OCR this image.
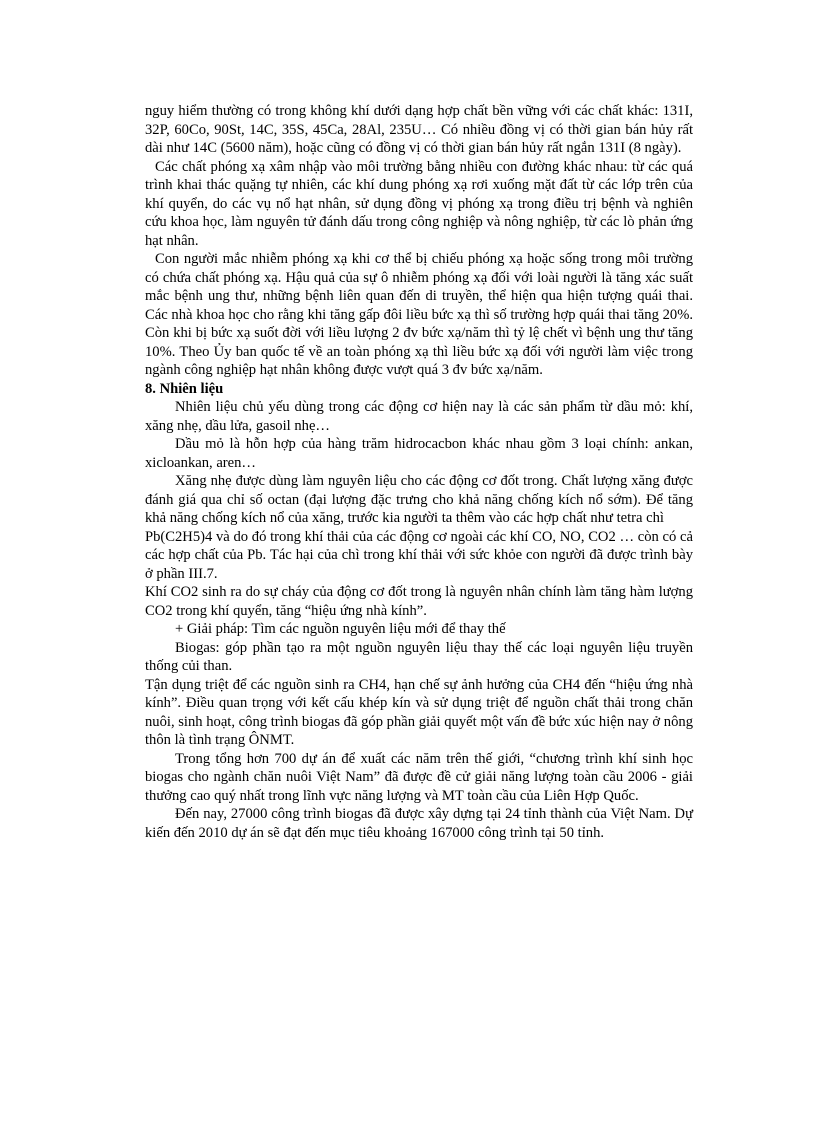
nguy hiểm thường có trong không khí dưới dạng hợp chất bền vững với các chất khác: 131I, 32P, 60Co, 90St, 14C, 35S, 45Ca, 28Al, 235U… Có nhiều đồng vị có thời gian bán hủy rất dài như 14C (5600 năm), hoặc cũng có đồng vị có thời gian bán hủy rất ngắn 131I (8 ngày).

Các chất phóng xạ xâm nhập vào môi trường bằng nhiều con đường khác nhau: từ các quá trình khai thác quặng tự nhiên, các khí dung phóng xạ rơi xuống mặt đất từ các lớp trên của khí quyển, do các vụ nổ hạt nhân, sử dụng đồng vị phóng xạ trong điều trị bệnh và nghiên cứu khoa học, làm nguyên tử đánh dấu trong công nghiệp và nông nghiệp, từ các lò phản ứng hạt nhân.

Con người mắc nhiễm phóng xạ khi cơ thể bị chiếu phóng xạ hoặc sống trong môi trường có chứa chất phóng xạ. Hậu quả của sự ô nhiễm phóng xạ đối với loài người là tăng xác suất mắc bệnh ung thư, những bệnh liên quan đến di truyền, thể hiện qua hiện tượng quái thai. Các nhà khoa học cho rằng khi tăng gấp đôi liều bức xạ thì số trường hợp quái thai tăng 20%. Còn khi bị bức xạ suốt đời với liều lượng 2 đv bức xạ/năm thì tỷ lệ chết vì bệnh ung thư tăng 10%. Theo Ủy ban quốc tế về an toàn phóng xạ thì liều bức xạ đối với người làm việc trong ngành công nghiệp hạt nhân không được vượt quá 3 đv bức xạ/năm.

8. Nhiên liệu

Nhiên liệu chủ yếu dùng trong các động cơ hiện nay là các sản phẩm từ dầu mỏ: khí, xăng nhẹ, dầu lửa, gasoil nhẹ…

Dầu mỏ là hỗn hợp của hàng trăm hidrocacbon khác nhau gồm 3 loại chính: ankan, xicloankan, aren…

Xăng nhẹ được dùng làm nguyên liệu cho các động cơ đốt trong. Chất lượng xăng được đánh giá qua chỉ số octan (đại lượng đặc trưng cho khả năng chống kích nổ sớm). Để tăng khả năng chống kích nổ của xăng, trước kia người ta thêm vào các hợp chất như tetra chì

Pb(C2H5)4 và do đó trong khí thải của các động cơ ngoài các khí CO, NO, CO2 … còn có cả các hợp chất của Pb. Tác hại của chì trong khí thải với sức khỏe con người đã được trình bày ở phần III.7.

Khí CO2 sinh ra do sự cháy của động cơ đốt trong là nguyên nhân chính làm tăng hàm lượng CO2 trong khí quyển, tăng “hiệu ứng nhà kính”.

+ Giải pháp: Tìm các nguồn nguyên liệu mới để thay thế

Biogas: góp phần tạo ra một nguồn nguyên liệu thay thế các loại nguyên liệu truyền thống củi than.

Tận dụng triệt để các nguồn sinh ra CH4, hạn chế sự ảnh hưởng của CH4 đến “hiệu ứng nhà kính”. Điều quan trọng với kết cấu khép kín và sử dụng triệt để nguồn chất thải trong chăn nuôi, sinh hoạt, công trình biogas đã góp phần giải quyết một vấn đề bức xúc hiện nay ở nông thôn là tình trạng ÔNMT.

Trong tổng hơn 700 dự án để xuất các năm trên thế giới, “chương trình khí sinh học biogas cho ngành chăn nuôi Việt Nam” đã được đề cử giải năng lượng toàn cầu 2006 - giải thưởng cao quý nhất trong lĩnh vực năng lượng và MT toàn cầu của Liên Hợp Quốc.

Đến nay, 27000 công trình biogas đã được xây dựng tại 24 tỉnh thành của Việt Nam. Dự kiến đến 2010 dự án sẽ đạt đến mục tiêu khoảng 167000 công trình tại 50 tỉnh.
